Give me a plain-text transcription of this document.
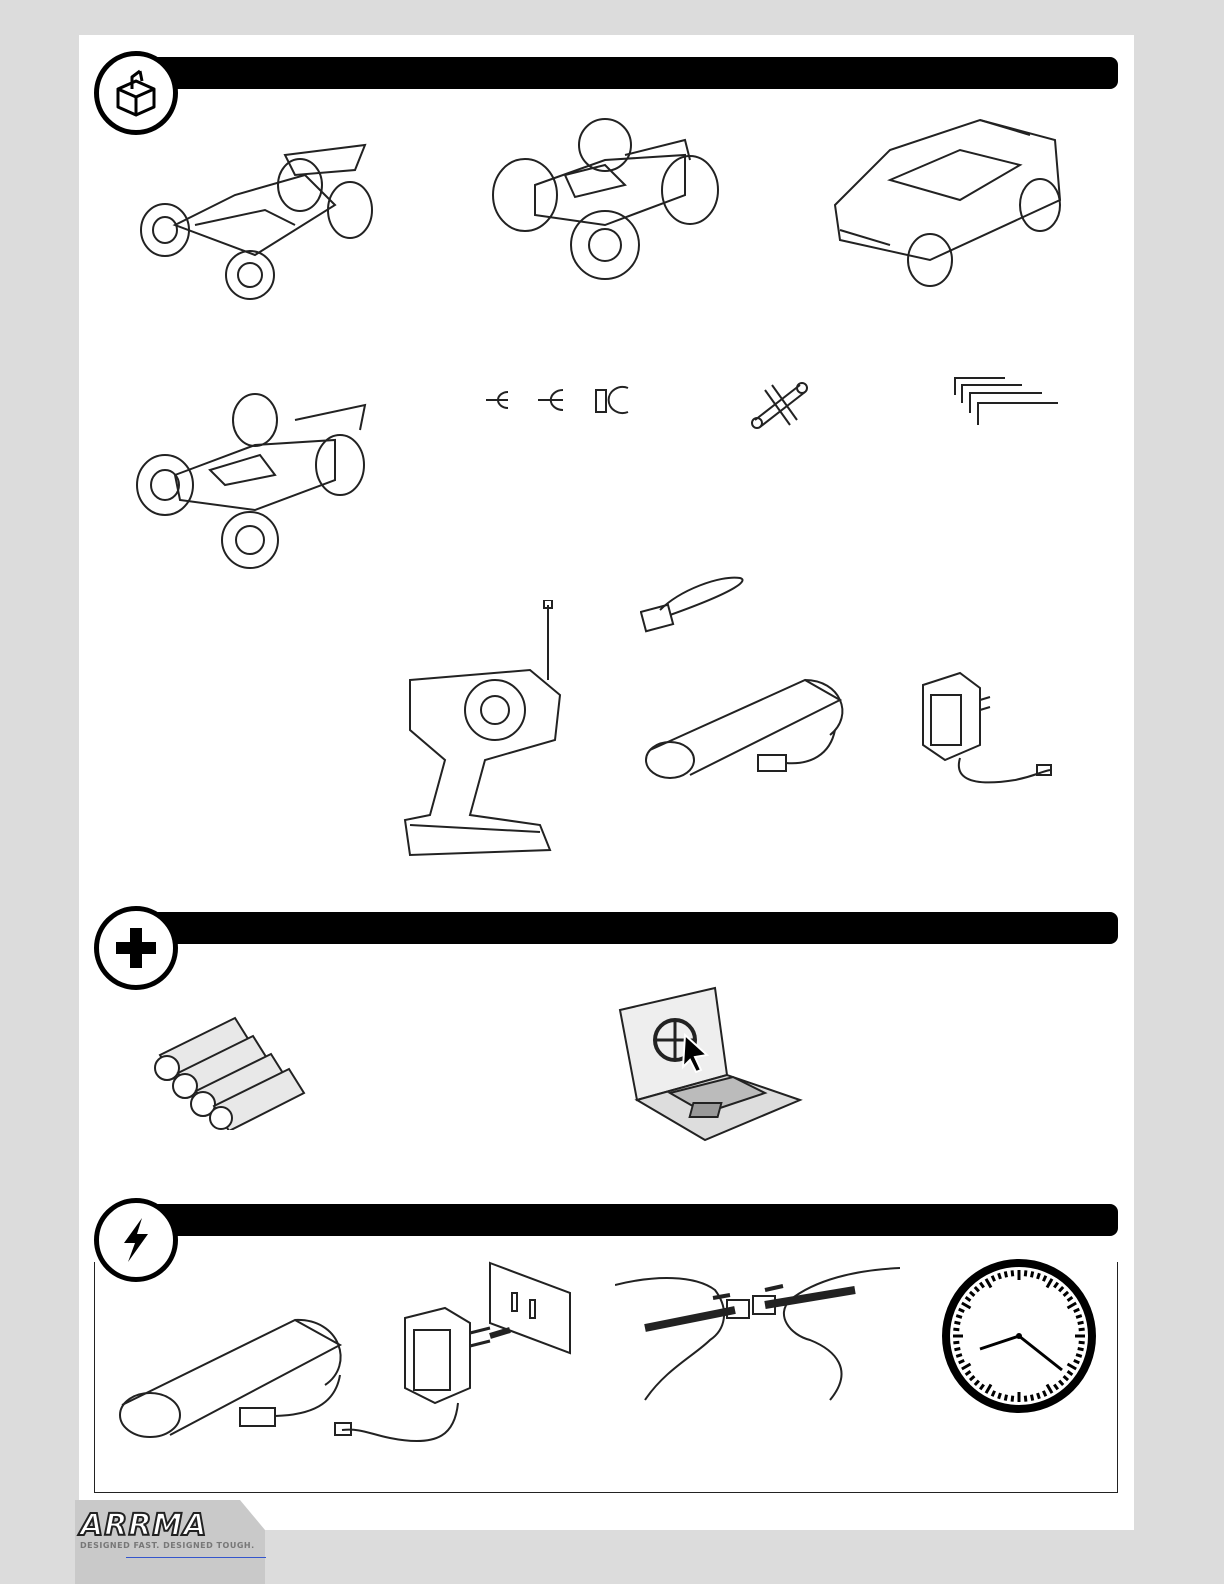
ARRMA
DESIGNED FAST. DESIGNED TOUGH.
